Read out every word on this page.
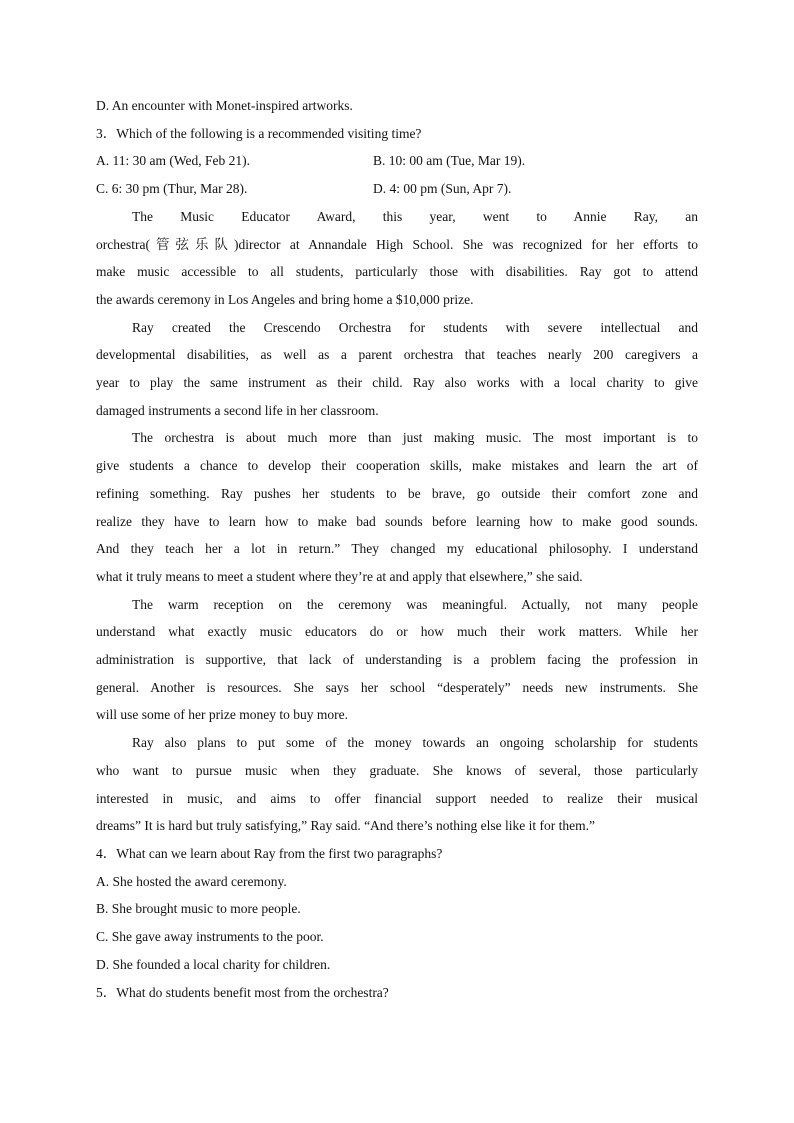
D. An encounter with Monet-inspired artworks.
3．Which of the following is a recommended visiting time?
A. 11: 30 am (Wed, Feb 21).	B. 10: 00 am (Tue, Mar 19).
C. 6: 30 pm (Thur, Mar 28).	D. 4: 00 pm (Sun, Apr 7).
The Music Educator Award, this year, went to Annie Ray, an
orchestra(管弦乐队)director at Annandale High School. She was recognized for her efforts to
make music accessible to all students, particularly those with disabilities. Ray got to attend
the awards ceremony in Los Angeles and bring home a $10,000 prize.
Ray created the Crescendo Orchestra for students with severe intellectual and
developmental disabilities, as well as a parent orchestra that teaches nearly 200 caregivers a
year to play the same instrument as their child. Ray also works with a local charity to give
damaged instruments a second life in her classroom.
The orchestra is about much more than just making music. The most important is to
give students a chance to develop their cooperation skills, make mistakes and learn the art of
refining something. Ray pushes her students to be brave, go outside their comfort zone and
realize they have to learn how to make bad sounds before learning how to make good sounds.
And they teach her a lot in return.” They changed my educational philosophy. I understand
what it truly means to meet a student where they’re at and apply that elsewhere,” she said.
The warm reception on the ceremony was meaningful. Actually, not many people
understand what exactly music educators do or how much their work matters. While her
administration is supportive, that lack of understanding is a problem facing the profession in
general. Another is resources. She says her school “desperately” needs new instruments. She
will use some of her prize money to buy more.
Ray also plans to put some of the money towards an ongoing scholarship for students
who want to pursue music when they graduate. She knows of several, those particularly
interested in music, and aims to offer financial support needed to realize their musical
dreams” It is hard but truly satisfying,” Ray said. “And there’s nothing else like it for them.”
4．What can we learn about Ray from the first two paragraphs?
A. She hosted the award ceremony.
B. She brought music to more people.
C. She gave away instruments to the poor.
D. She founded a local charity for children.
5．What do students benefit most from the orchestra?
